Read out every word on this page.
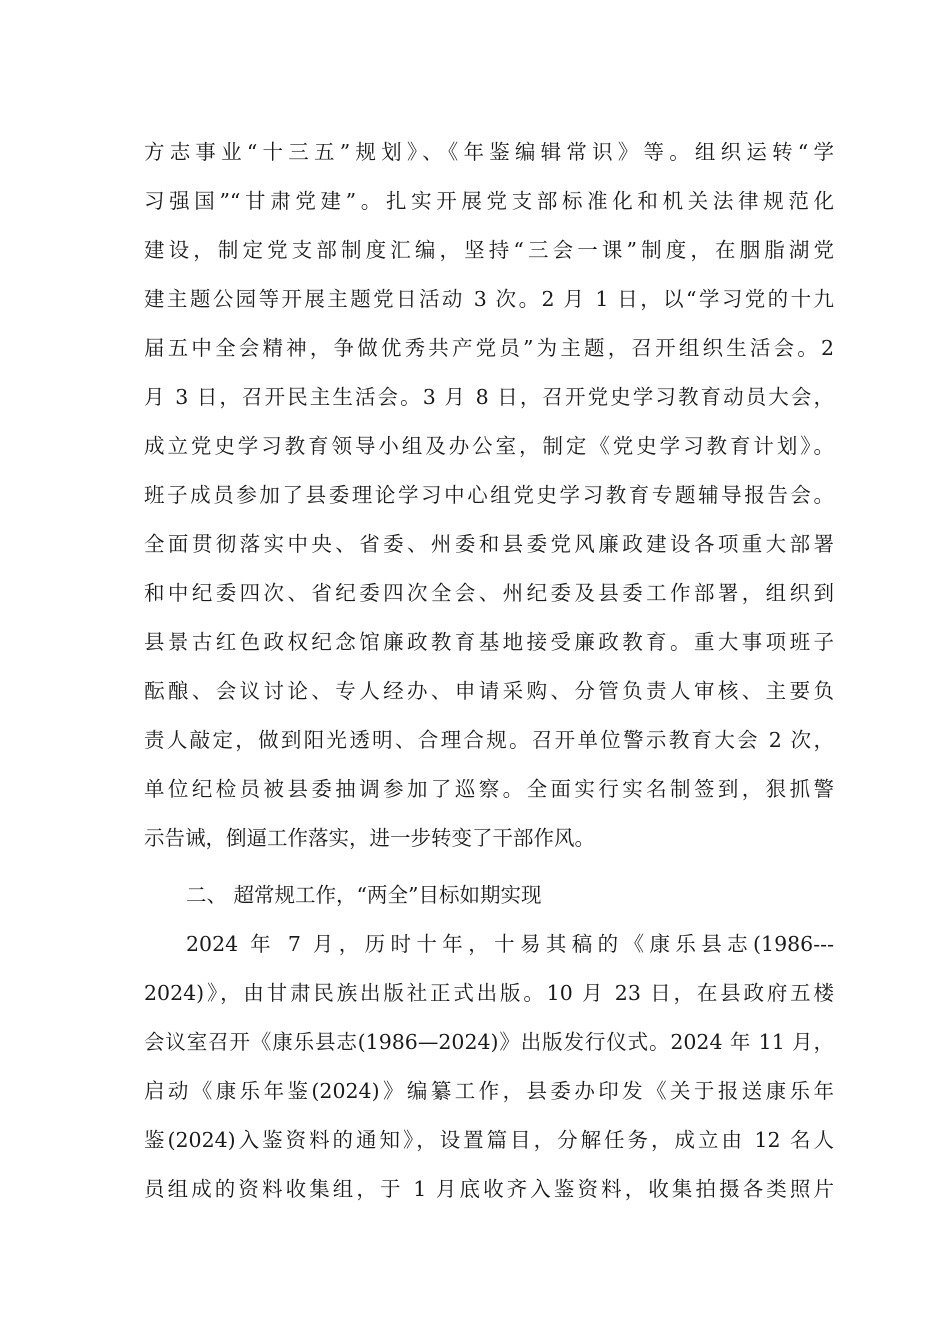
方志事业“十三五”规划》、《年鉴编辑常识》等。组织运转“学
习强国”“甘肃党建”。扎实开展党支部标准化和机关法律规范化
建设，制定党支部制度汇编，坚持“三会一课”制度，在胭脂湖党
建主题公园等开展主题党日活动 3 次。2 月 1 日，以“学习党的十九
届五中全会精神，争做优秀共产党员”为主题，召开组织生活会。2
月 3 日，召开民主生活会。3 月 8 日，召开党史学习教育动员大会，
成立党史学习教育领导小组及办公室，制定《党史学习教育计划》。
班子成员参加了县委理论学习中心组党史学习教育专题辅导报告会。
全面贯彻落实中央、省委、州委和县委党风廉政建设各项重大部署
和中纪委四次、省纪委四次全会、州纪委及县委工作部署，组织到
县景古红色政权纪念馆廉政教育基地接受廉政教育。重大事项班子
酝酿、会议讨论、专人经办、申请采购、分管负责人审核、主要负
责人敲定，做到阳光透明、合理合规。召开单位警示教育大会 2 次，
单位纪检员被县委抽调参加了巡察。全面实行实名制签到，狠抓警
示告诫，倒逼工作落实，进一步转变了干部作风。
二、 超常规工作，“两全”目标如期实现
2024 年 7 月，历时十年，十易其稿的《康乐县志(1986---
2024)》，由甘肃民族出版社正式出版。10 月 23 日，在县政府五楼
会议室召开《康乐县志(1986—2024)》出版发行仪式。2024 年 11 月，
启动《康乐年鉴(2024)》编纂工作，县委办印发《关于报送康乐年
鉴(2024)入鉴资料的通知》，设置篇目，分解任务，成立由 12 名人
员组成的资料收集组，于 1 月底收齐入鉴资料，收集拍摄各类照片
